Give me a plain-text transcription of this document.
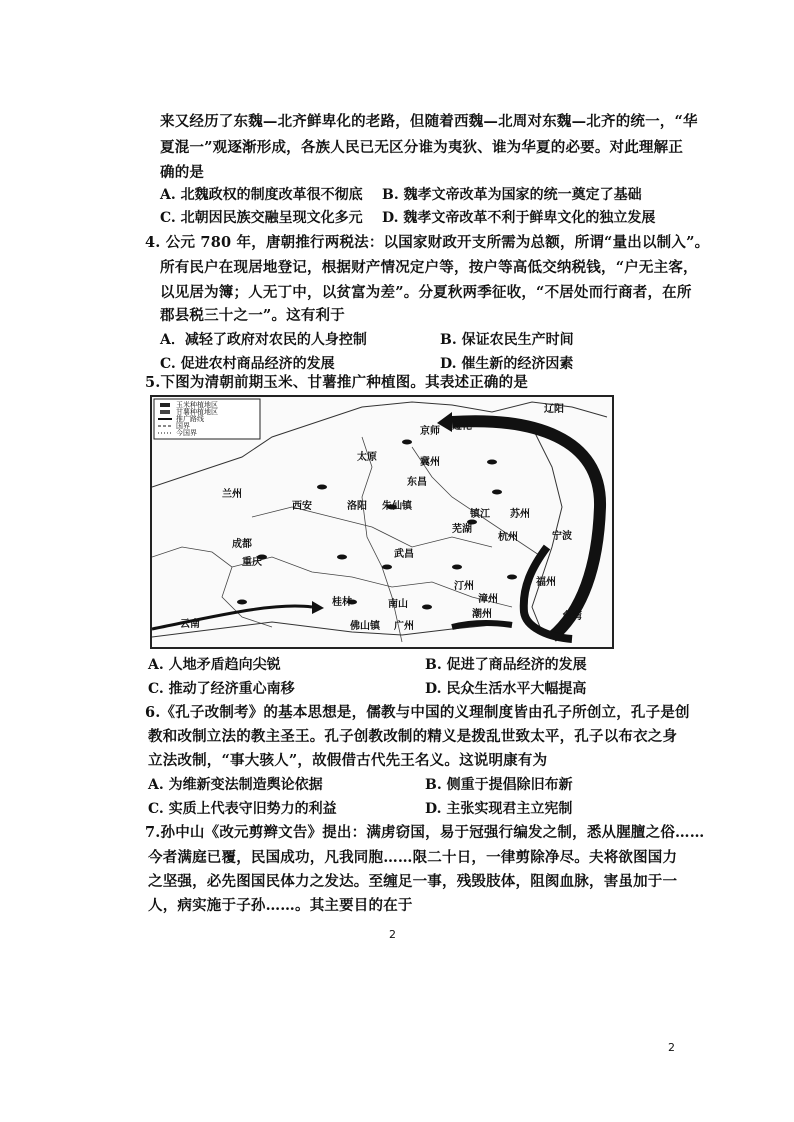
来又经历了东魏—北齐鲜卑化的老路，但随着西魏—北周对东魏—北齐的统一，“华
夏混一”观逐渐形成，各族人民已无区分谁为夷狄、谁为华夏的必要。对此理解正
确的是
A. 北魏政权的制度改革很不彻底 B. 魏孝文帝改革为国家的统一奠定了基础
C. 北朝因民族交融呈现文化多元 D. 魏孝文帝改革不利于鲜卑文化的独立发展
4. 公元 780 年，唐朝推行两税法：以国家财政开支所需为总额，所谓“量出以制入”。
所有民户在现居地登记，根据财产情况定户等，按户等高低交纳税钱，“户无主客，
以见居为簿；人无丁中，以贫富为差”。分夏秋两季征收，“不居处而行商者，在所
郡县税三十之一”。这有利于
A．减轻了政府对农民的人身控制	B. 保证农民生产时间
C. 促进农村商品经济的发展	D. 催生新的经济因素
5.下图为清朝前期玉米、甘薯推广种植图。其表述正确的是
玉米种植地区
甘薯种植地区
推广路线
国界
今国界
辽阳
京师 遵化
太原	冀州
东昌
兰州
西安	洛阳 朱仙镇
镇江
芜湖
苏州
宁波
杭州
成都
重庆
武昌
汀州	福州
漳州
台湾
桂林	南山
潮州
云南	佛山镇 广州
A. 人地矛盾趋向尖锐	B. 促进了商品经济的发展
C. 推动了经济重心南移	D. 民众生活水平大幅提高
6.《孔子改制考》的基本思想是，儒教与中国的义理制度皆由孔子所创立，孔子是创
教和改制立法的教主圣王。孔子创教改制的精义是拨乱世致太平，孔子以布衣之身
立法改制，“事大骇人”，故假借古代先王名义。这说明康有为
A. 为维新变法制造舆论依据	B. 侧重于提倡除旧布新
C. 实质上代表守旧势力的利益	D. 主张实现君主立宪制
7.孙中山《改元剪辫文告》提出：满虏窃国，易于冠强行编发之制，悉从腥膻之俗……
今者满庭已覆，民国成功，凡我同胞……限二十日，一律剪除净尽。夫将欲图国力
之坚强，必先图国民体力之发达。至缠足一事，残毁肢体，阻阂血脉，害虽加于一
人，病实施于子孙……。其主要目的在于
2
2
